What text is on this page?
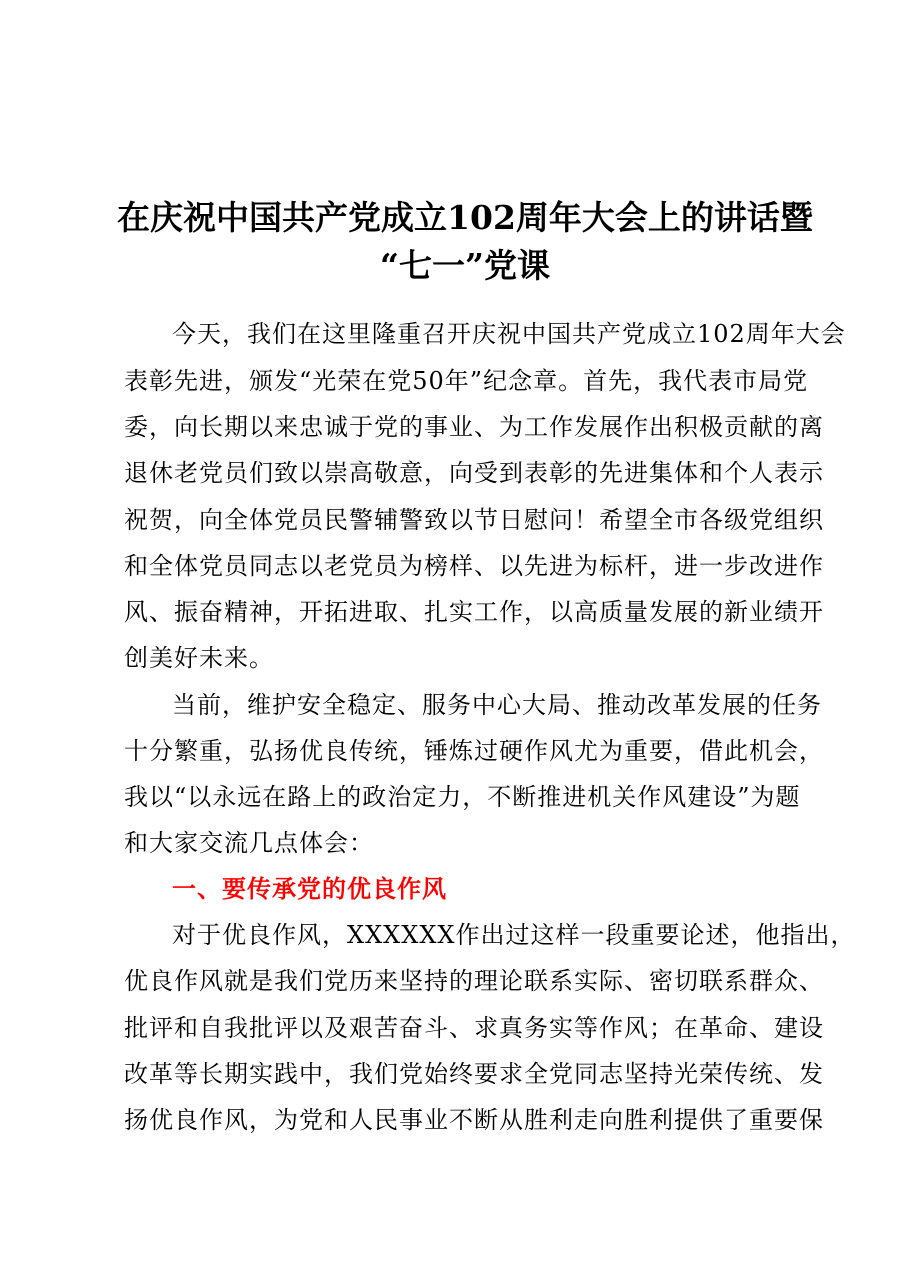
在庆祝中国共产党成立102周年大会上的讲话暨
“七一”党课
今天，我们在这里隆重召开庆祝中国共产党成立102周年大会
表彰先进，颁发“光荣在党50年”纪念章。首先，我代表市局党
委，向长期以来忠诚于党的事业、为工作发展作出积极贡献的离
退休老党员们致以崇高敬意，向受到表彰的先进集体和个人表示
祝贺，向全体党员民警辅警致以节日慰问！希望全市各级党组织
和全体党员同志以老党员为榜样、以先进为标杆，进一步改进作
风、振奋精神，开拓进取、扎实工作，以高质量发展的新业绩开
创美好未来。
当前，维护安全稳定、服务中心大局、推动改革发展的任务
十分繁重，弘扬优良传统，锤炼过硬作风尤为重要，借此机会，
我以“以永远在路上的政治定力，不断推进机关作风建设”为题
和大家交流几点体会：
一、要传承党的优良作风
对于优良作风，XXXXXX作出过这样一段重要论述，他指出，
优良作风就是我们党历来坚持的理论联系实际、密切联系群众、
批评和自我批评以及艰苦奋斗、求真务实等作风；在革命、建设
改革等长期实践中，我们党始终要求全党同志坚持光荣传统、发
扬优良作风，为党和人民事业不断从胜利走向胜利提供了重要保
